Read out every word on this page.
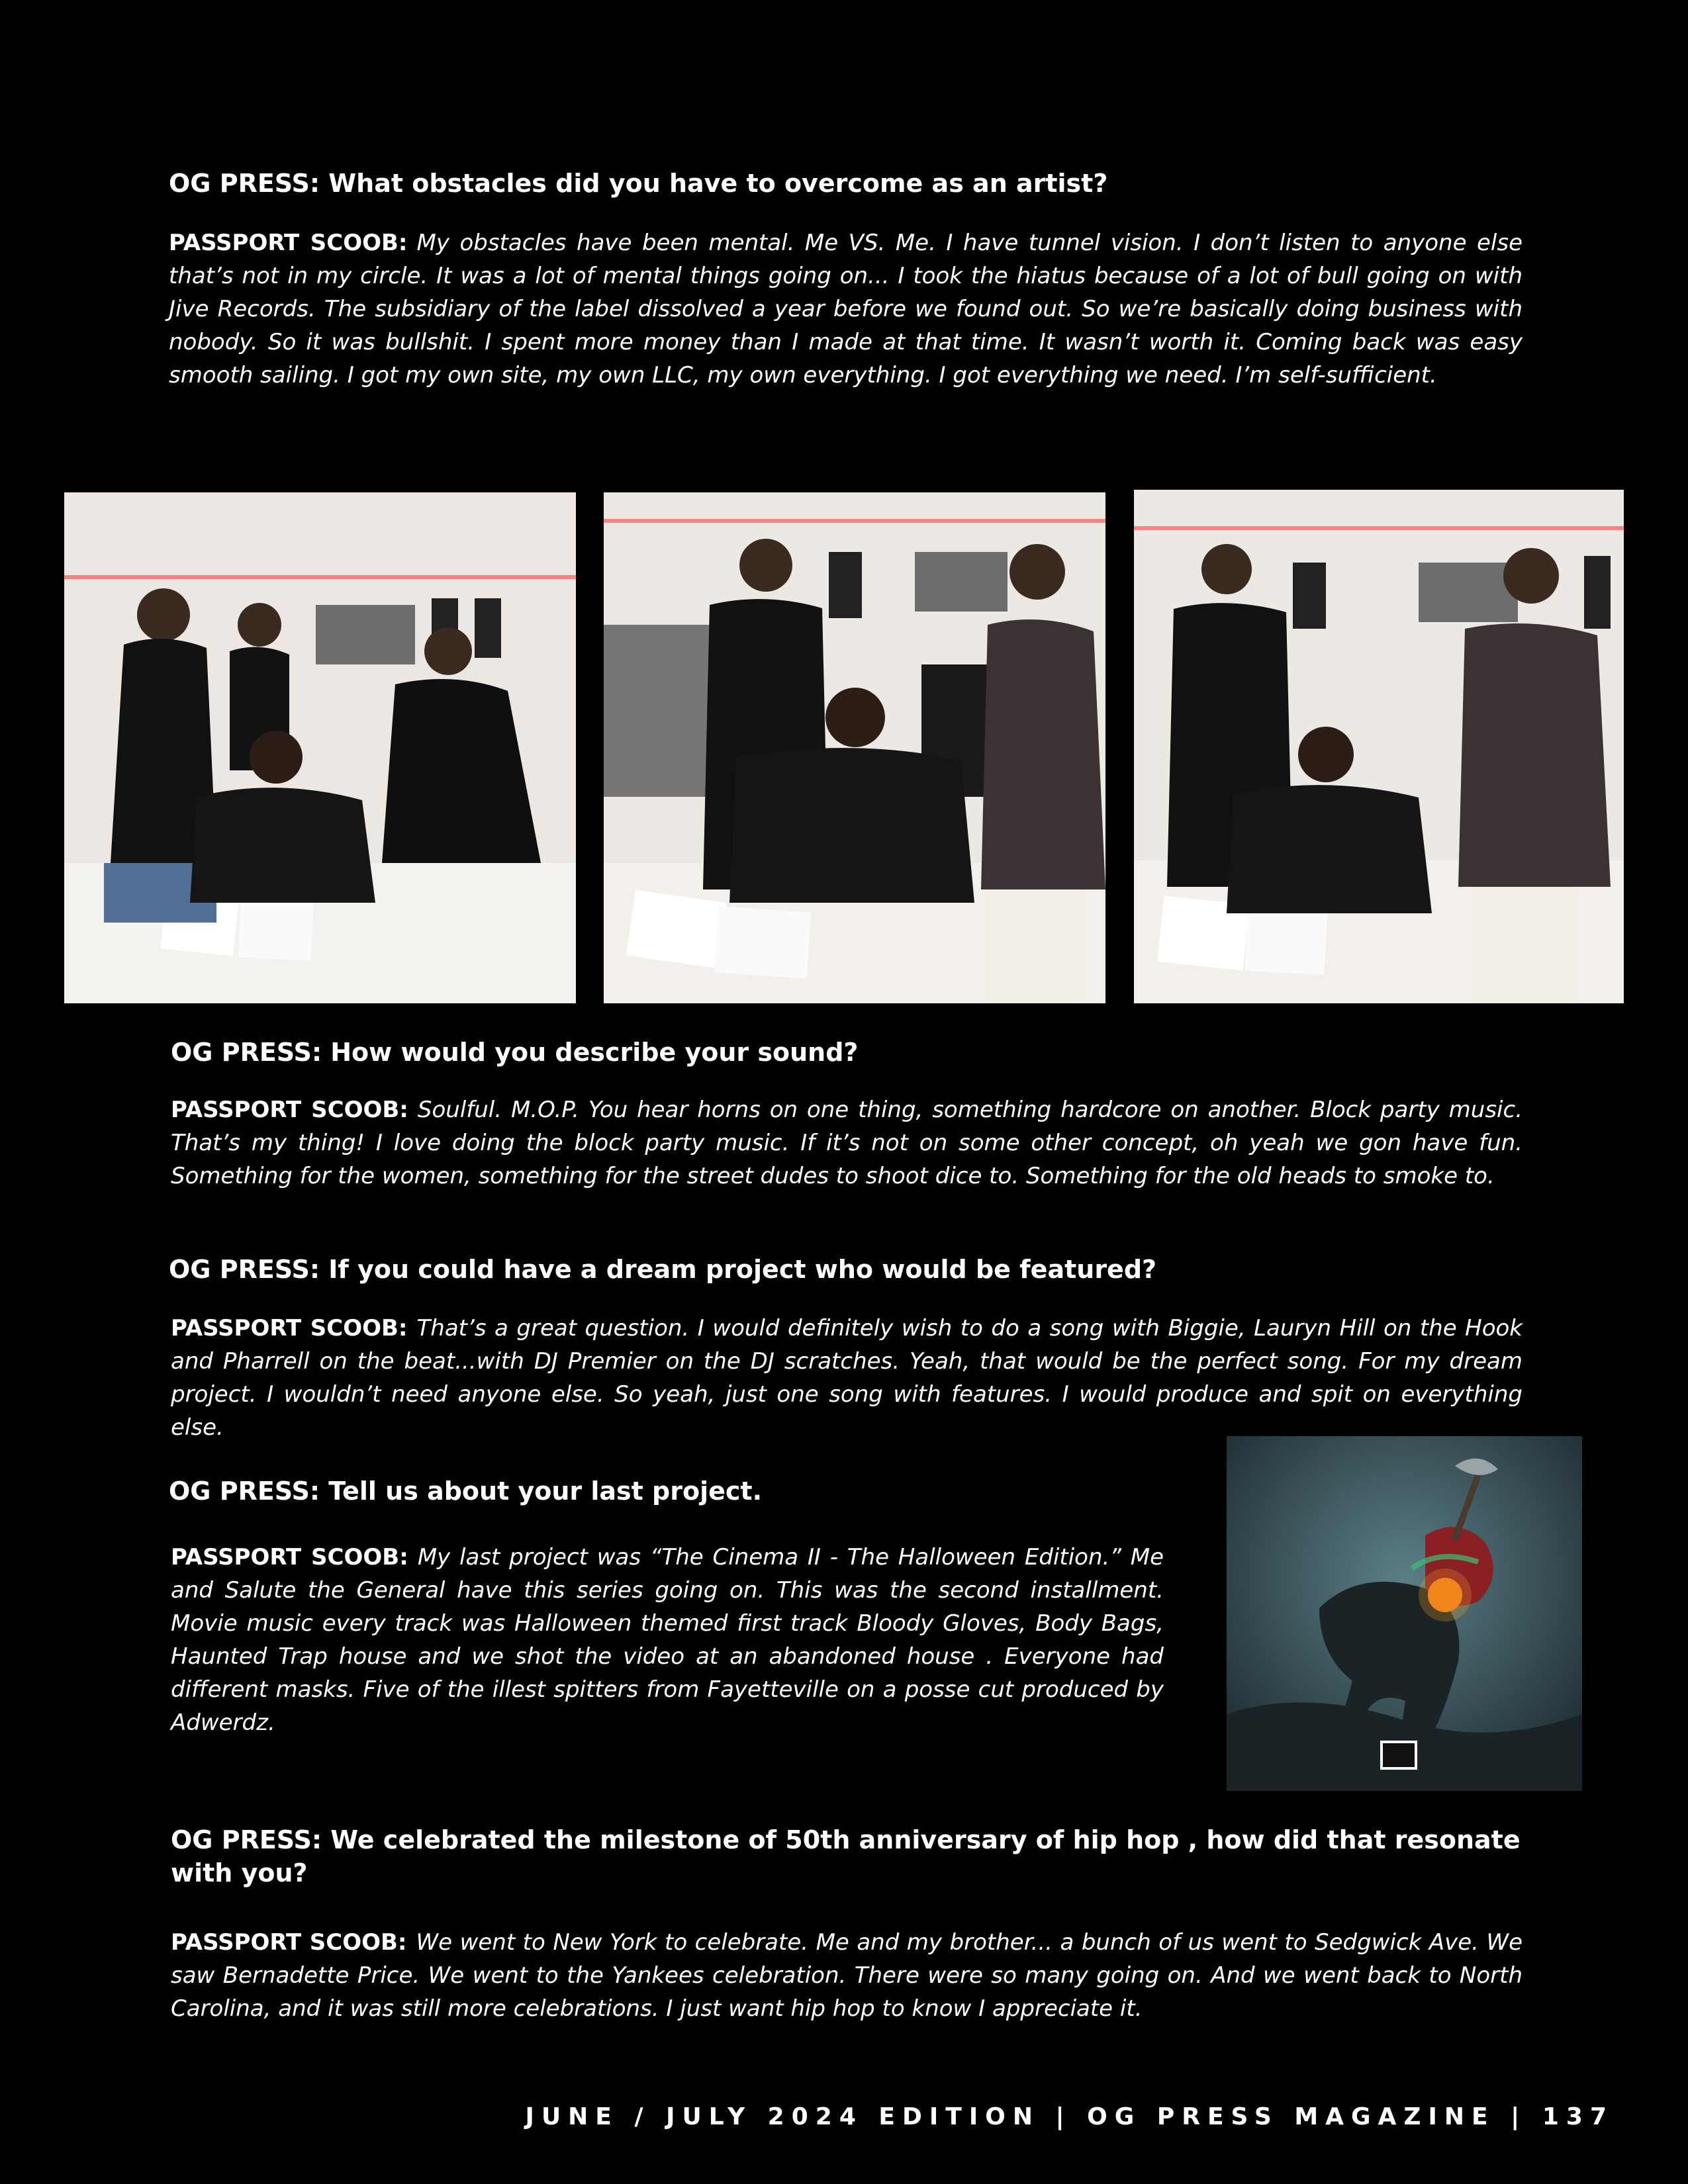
OG PRESS: What obstacles did you have to overcome as an artist?

PASSPORT SCOOB: My obstacles have been mental. Me VS. Me. I have tunnel vision. I don’t listen to anyone else that’s not in my circle. It was a lot of mental things going on... I took the hiatus because of a lot of bull going on with Jive Records. The subsidiary of the label dissolved a year before we found out. So we’re basically doing business with nobody. So it was bullshit. I spent more money than I made at that time. It wasn’t worth it. Coming back was easy smooth sailing. I got my own site, my own LLC, my own everything. I got everything we need. I’m self-sufficient.

OG PRESS: How would you describe your sound?

PASSPORT SCOOB: Soulful. M.O.P. You hear horns on one thing, something hardcore on another. Block party music. That’s my thing! I love doing the block party music. If it’s not on some other concept, oh yeah we gon have fun. Something for the women, something for the street dudes to shoot dice to. Something for the old heads to smoke to.

OG PRESS: If you could have a dream project who would be featured?

PASSPORT SCOOB: That’s a great question. I would definitely wish to do a song with Biggie, Lauryn Hill on the Hook and Pharrell on the beat...with DJ Premier on the DJ scratches. Yeah, that would be the perfect song. For my dream project. I wouldn’t need anyone else. So yeah, just one song with features. I would produce and spit on everything else.

OG PRESS: Tell us about your last project.

PASSPORT SCOOB: My last project was “The Cinema II - The Halloween Edition.” Me and Salute the General have this series going on. This was the second installment. Movie music every track was Halloween themed first track Bloody Gloves, Body Bags, Haunted Trap house and we shot the video at an abandoned house . Everyone had different masks. Five of the illest spitters from Fayetteville on a posse cut produced by Adwerdz.

OG PRESS: We celebrated the milestone of 50th anniversary of hip hop , how did that resonate with you?

PASSPORT SCOOB: We went to New York to celebrate. Me and my brother... a bunch of us went to Sedgwick Ave. We saw Bernadette Price. We went to the Yankees celebration. There were so many going on. And we went back to North Carolina, and it was still more celebrations. I just want hip hop to know I appreciate it.

JUNE / JULY 2024 EDITION | OG PRESS MAGAZINE | 137
